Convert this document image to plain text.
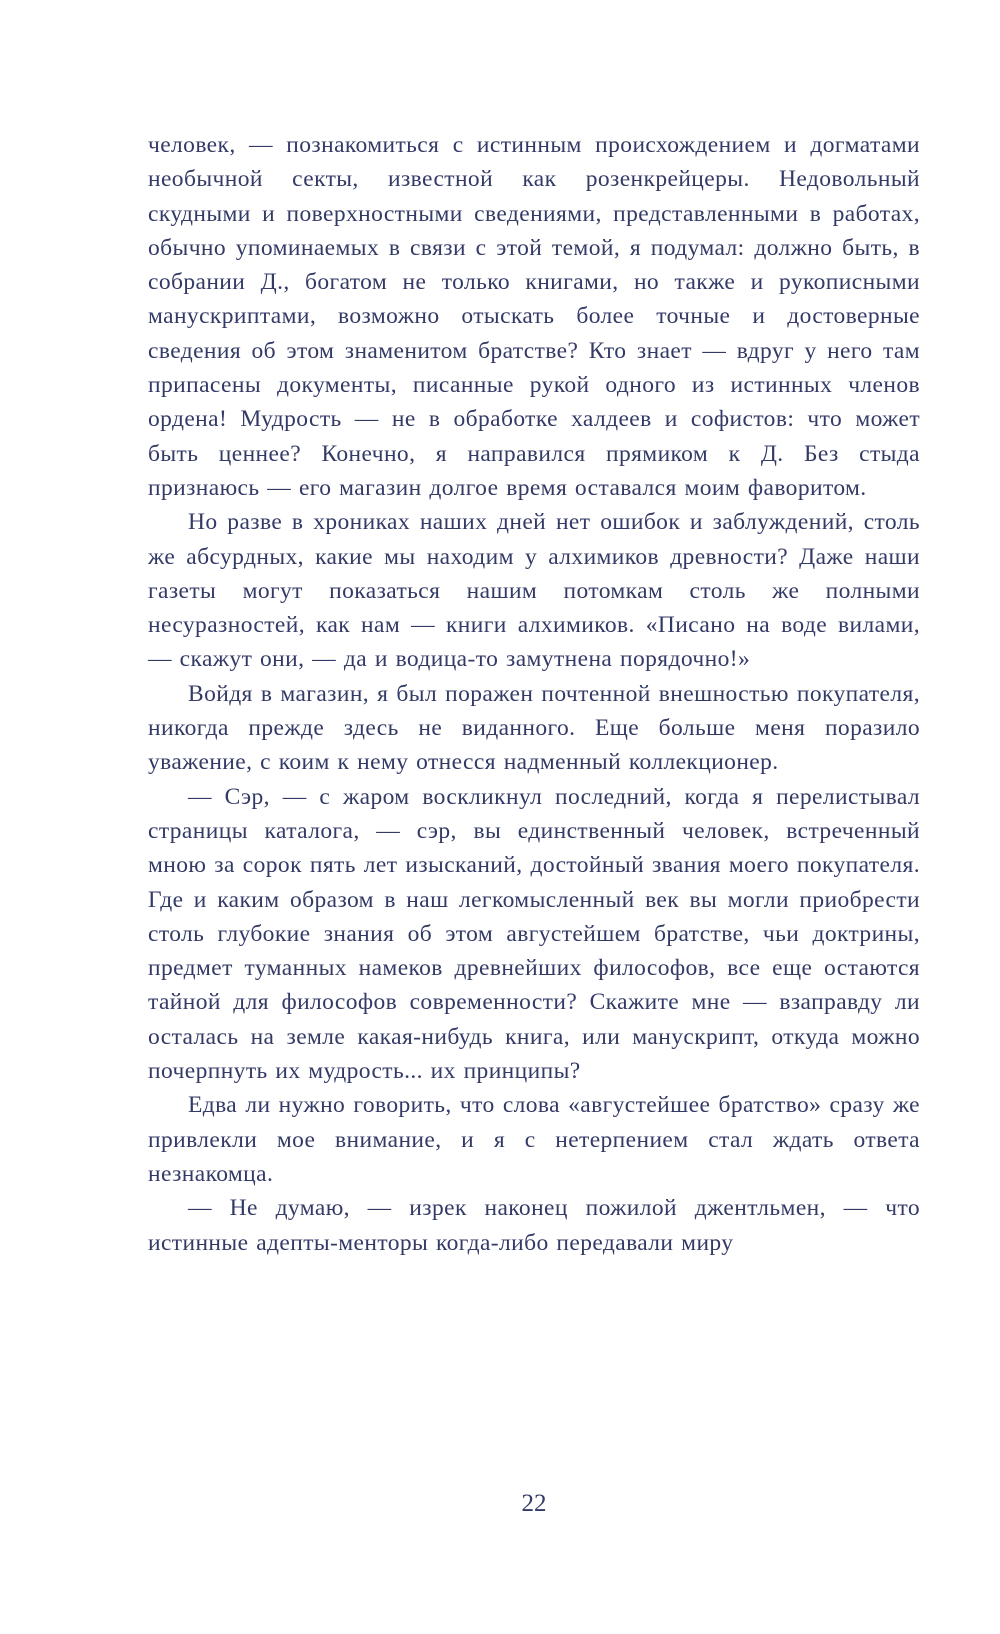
человек, — познакомиться с истинным происхождением и догматами необычной секты, известной как розенкрейцеры. Недовольный скудными и поверхностными сведениями, представленными в работах, обычно упоминаемых в связи с этой темой, я подумал: должно быть, в собрании Д., богатом не только книгами, но также и рукописными манускриптами, возможно отыскать более точные и достоверные сведения об этом знаменитом братстве? Кто знает — вдруг у него там припасены документы, писанные рукой одного из истинных членов ордена! Мудрость — не в обработке халдеев и софистов: что может быть ценнее? Конечно, я направился прямиком к Д. Без стыда признаюсь — его магазин долгое время оставался моим фаворитом.

Но разве в хрониках наших дней нет ошибок и заблуждений, столь же абсурдных, какие мы находим у алхимиков древности? Даже наши газеты могут показаться нашим потомкам столь же полными несуразностей, как нам — книги алхимиков. «Писано на воде вилами, — скажут они, — да и водица-то замутнена порядочно!»

Войдя в магазин, я был поражен почтенной внешностью покупателя, никогда прежде здесь не виданного. Еще больше меня поразило уважение, с коим к нему отнесся надменный коллекционер.

— Сэр, — с жаром воскликнул последний, когда я перелистывал страницы каталога, — сэр, вы единственный человек, встреченный мною за сорок пять лет изысканий, достойный звания моего покупателя. Где и каким образом в наш легкомысленный век вы могли приобрести столь глубокие знания об этом августейшем братстве, чьи доктрины, предмет туманных намеков древнейших философов, все еще остаются тайной для философов современности? Скажите мне — взаправду ли осталась на земле какая-нибудь книга, или манускрипт, откуда можно почерпнуть их мудрость... их принципы?

Едва ли нужно говорить, что слова «августейшее братство» сразу же привлекли мое внимание, и я с нетерпением стал ждать ответа незнакомца.

— Не думаю, — изрек наконец пожилой джентльмен, — что истинные адепты-менторы когда-либо передавали миру

22
